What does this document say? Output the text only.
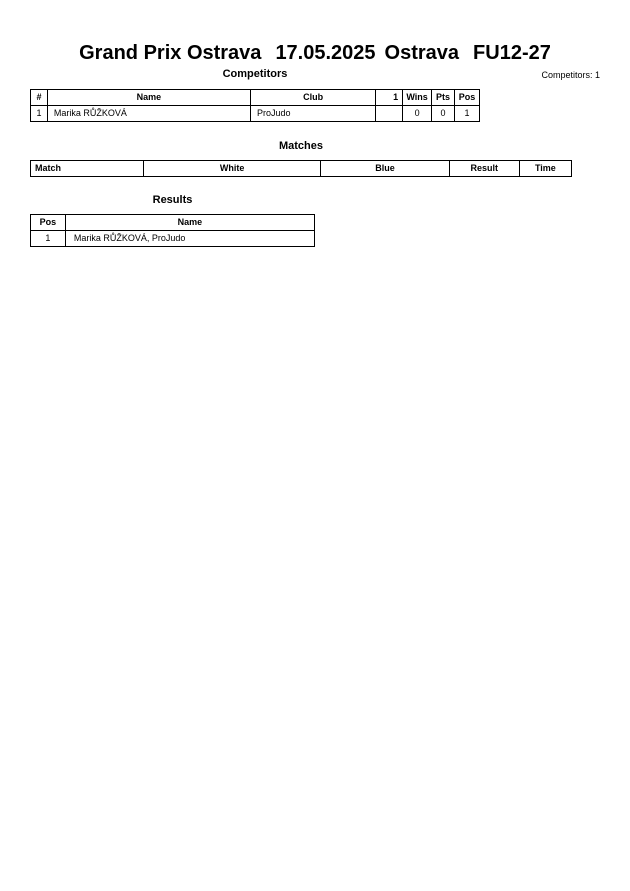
Grand Prix Ostrava 17.05.2025 Ostrava FU12-27
Competitors	Competitors: 1
#	Name	Club	1	Wins	Pts	Pos
1	Marika RŮŽKOVÁ	ProJudo		0	0	1
Matches
Match	White	Blue	Result	Time
Results
Pos	Name
1	Marika RŮŽKOVÁ, ProJudo
